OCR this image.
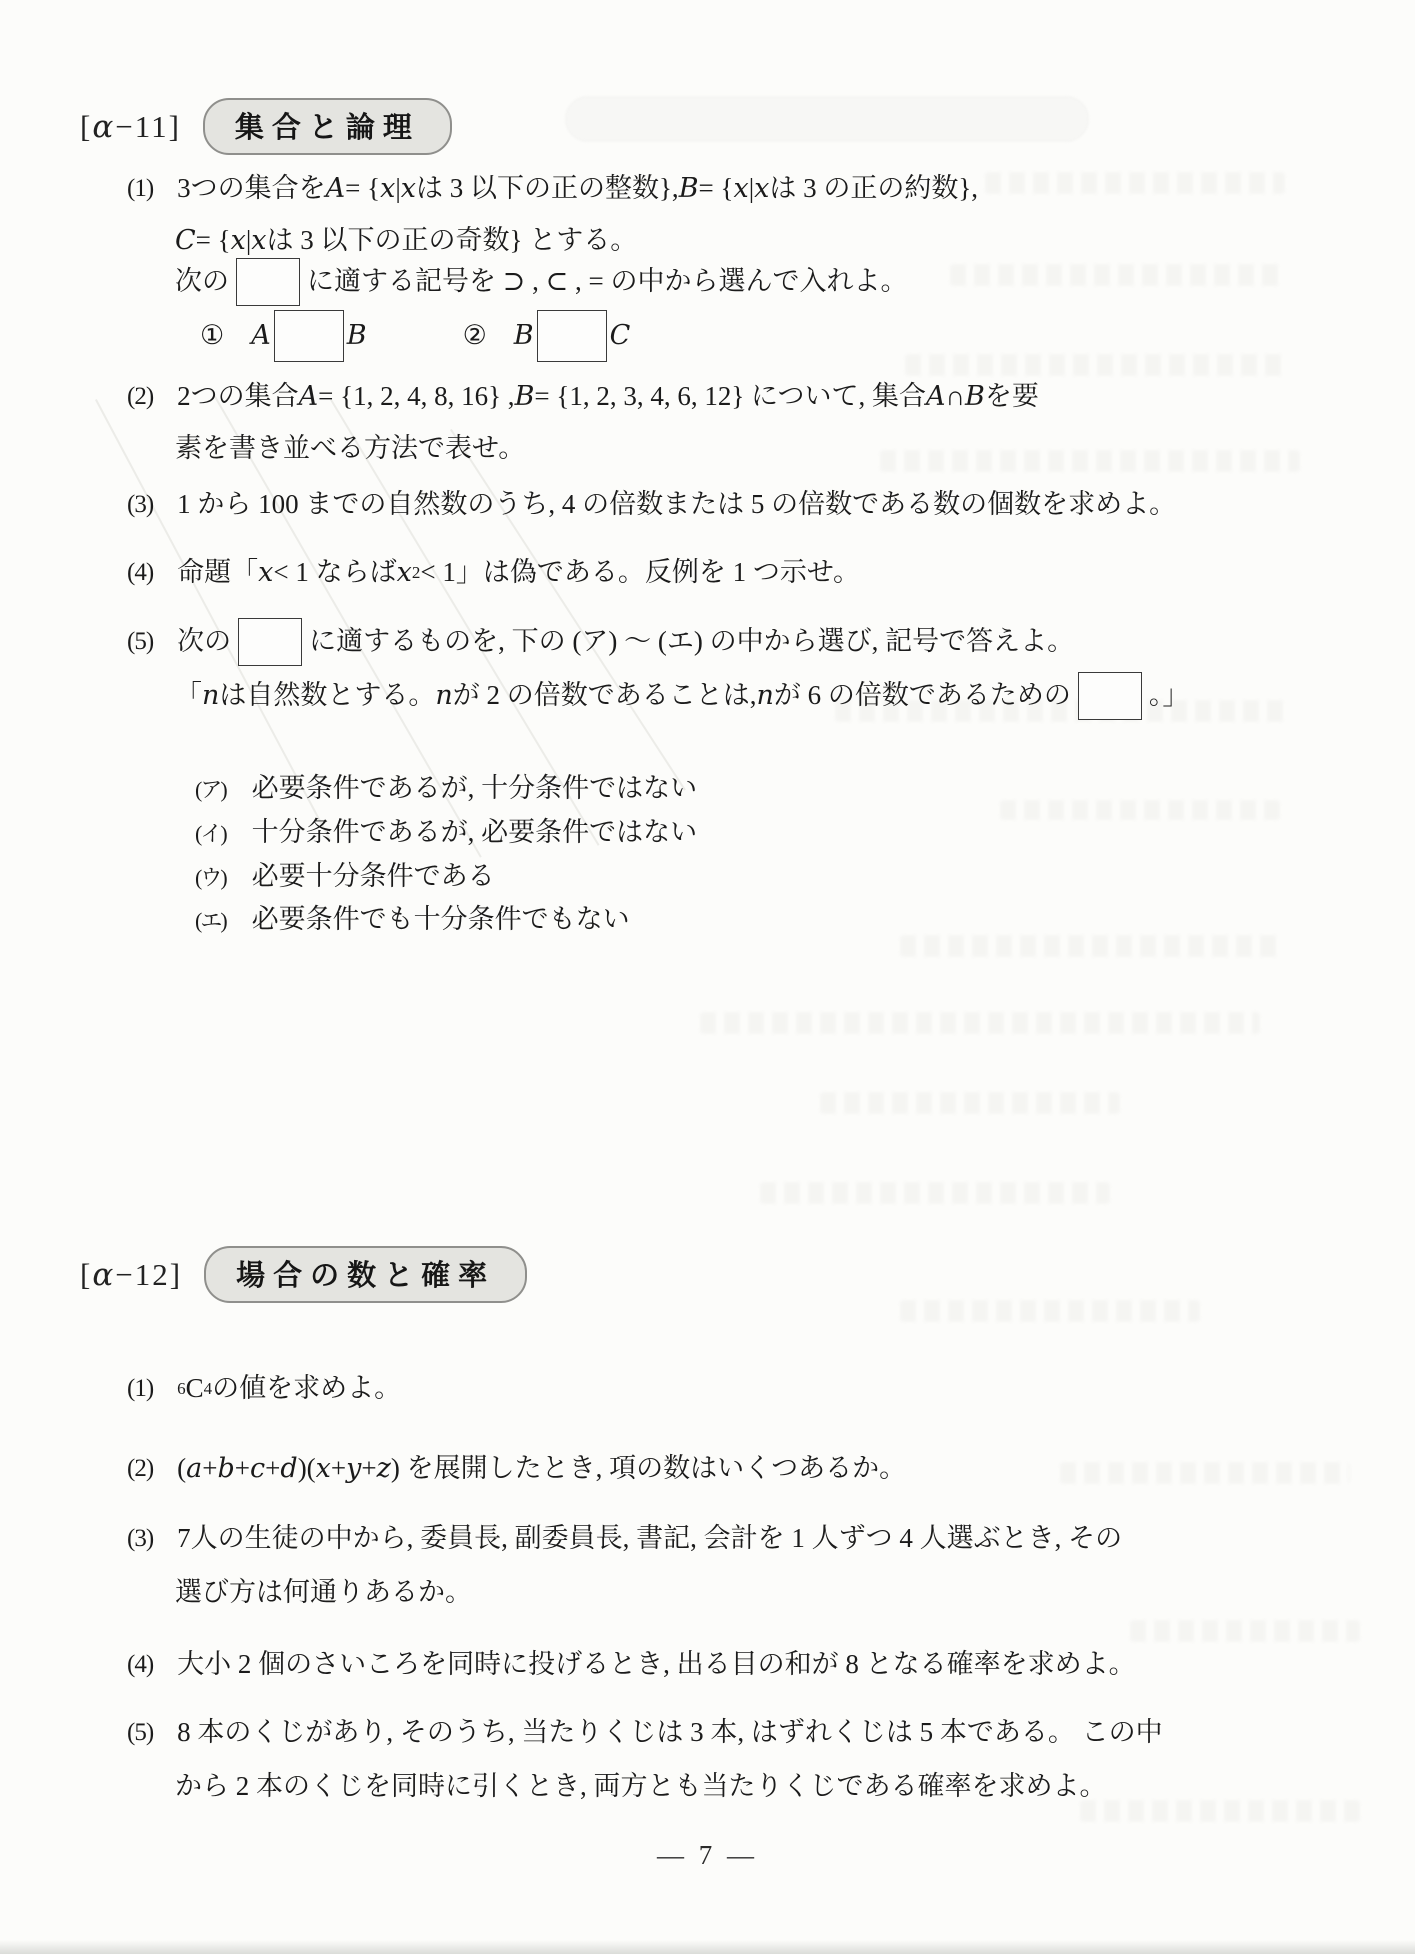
[α−11]	集合と論理
(1) 3つの集合を A = { x | x は 3 以下の正の整数}, B = { x | x は 3 の正の約数},
C = { x | x は 3 以下の正の奇数} とする。
次の	に適する記号を ⊃ , ⊂ , = の中から選んで入れよ。
①　 A	B	②　 B	C
(2) 2つの集合 A = {1, 2, 4, 8, 16} , B = {1, 2, 3, 4, 6, 12} について, 集合 A ∩ B を要
素を書き並べる方法で表せ。
(3) 1 から 100 までの自然数のうち, 4 の倍数または 5 の倍数である数の個数を求めよ。
(4) 命題「 x < 1 ならば x 2 < 1」は偽である。反例を 1 つ示せ。
(5) 次の	に適するものを, 下の (ア) ～ (エ) の中から選び, 記号で答えよ。
「 n は自然数とする。 n が 2 の倍数であることは, n が 6 の倍数であるための	。」
(ア) 必要条件であるが, 十分条件ではない
(イ) 十分条件であるが, 必要条件ではない
(ウ) 必要十分条件である
(エ) 必要条件でも十分条件でもない
[α−12]	場合の数と確率
(1) 6 C 4 の値を求めよ。
(2) ( a + b + c + d )( x + y + z ) を展開したとき, 項の数はいくつあるか。
(3) 7人の生徒の中から, 委員長, 副委員長, 書記, 会計を 1 人ずつ 4 人選ぶとき, その
選び方は何通りあるか。
(4) 大小 2 個のさいころを同時に投げるとき, 出る目の和が 8 となる確率を求めよ。
(5) 8 本のくじがあり, そのうち, 当たりくじは 3 本, はずれくじは 5 本である。 この中
から 2 本のくじを同時に引くとき, 両方とも当たりくじである確率を求めよ。
— 7 —
